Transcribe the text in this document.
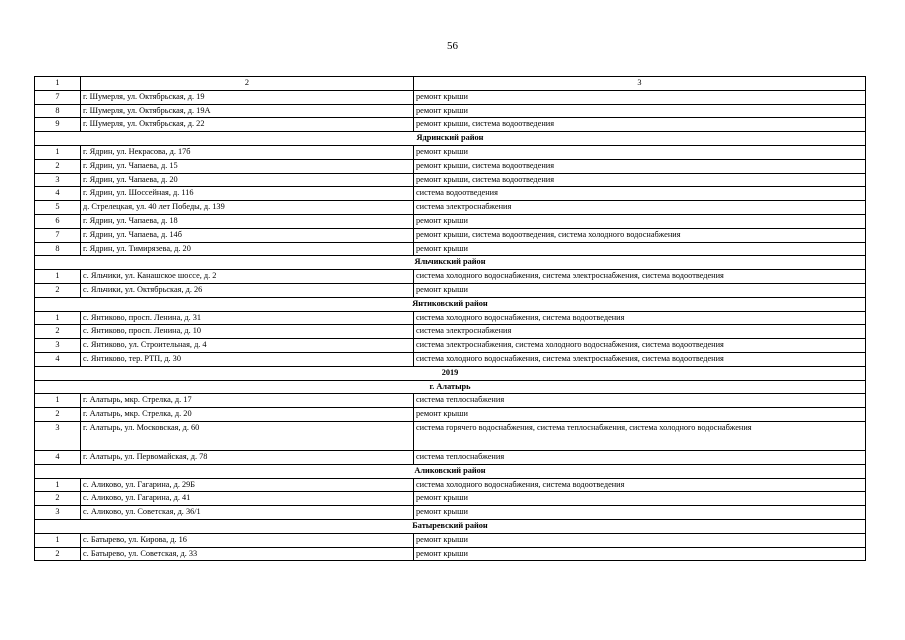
56
1	2	3
7	г. Шумерля, ул. Октябрьская, д. 19	ремонт крыши
8	г. Шумерля, ул. Октябрьская, д. 19А	ремонт крыши
9	г. Шумерля, ул. Октябрьская, д. 22	ремонт крыши, система водоотведения
Ядринский район		
1	г. Ядрин, ул. Некрасова, д. 17б	ремонт крыши
2	г. Ядрин, ул. Чапаева, д. 15	ремонт крыши, система водоотведения
3	г. Ядрин, ул. Чапаева, д. 20	ремонт крыши, система водоотведения
4	г. Ядрин, ул. Шоссейная, д. 116	система водоотведения
5	д. Стрелецкая, ул. 40 лет Победы, д. 139	система электроснабжения
6	г. Ядрин, ул. Чапаева, д. 18	ремонт крыши
7	г. Ядрин, ул. Чапаева, д. 14б	ремонт крыши, система водоотведения, система холодного водоснабжения
8	г. Ядрин, ул. Тимирязева, д. 20	ремонт крыши
Яльчикский район		
1	с. Яльчики, ул. Канашское шоссе, д. 2	система холодного водоснабжения, система электроснабжения, система водоотведения
2	с. Яльчики, ул. Октябрьская, д. 26	ремонт крыши
Янтиковский район		
1	с. Янтиково, просп. Ленина, д. 31	система холодного водоснабжения, система водоотведения
2	с. Янтиково, просп. Ленина, д. 10	система электроснабжения
3	с. Янтиково, ул. Строительная, д. 4	система электроснабжения, система холодного водоснабжения, система водоотведения
4	с. Янтиково, тер. РТП, д. 30	система холодного водоснабжения, система электроснабжения, система водоотведения
2019		
г. Алатырь		
1	г. Алатырь, мкр. Стрелка, д. 17	система теплоснабжения
2	г. Алатырь, мкр. Стрелка, д. 20	ремонт крыши
3	г. Алатырь, ул. Московская, д. 60	система горячего водоснабжения, система теплоснабжения, система холодного водоснабжения
4	г. Алатырь, ул. Первомайская, д. 78	система теплоснабжения
Аликовский район		
1	с. Аликово, ул. Гагарина, д. 29Б	система холодного водоснабжения, система водоотведения
2	с. Аликово, ул. Гагарина, д. 41	ремонт крыши
3	с. Аликово, ул. Советская, д. 36/1	ремонт крыши
Батыревский район		
1	с. Батырево, ул. Кирова, д. 16	ремонт крыши
2	с. Батырево, ул. Советская, д. 33	ремонт крыши
